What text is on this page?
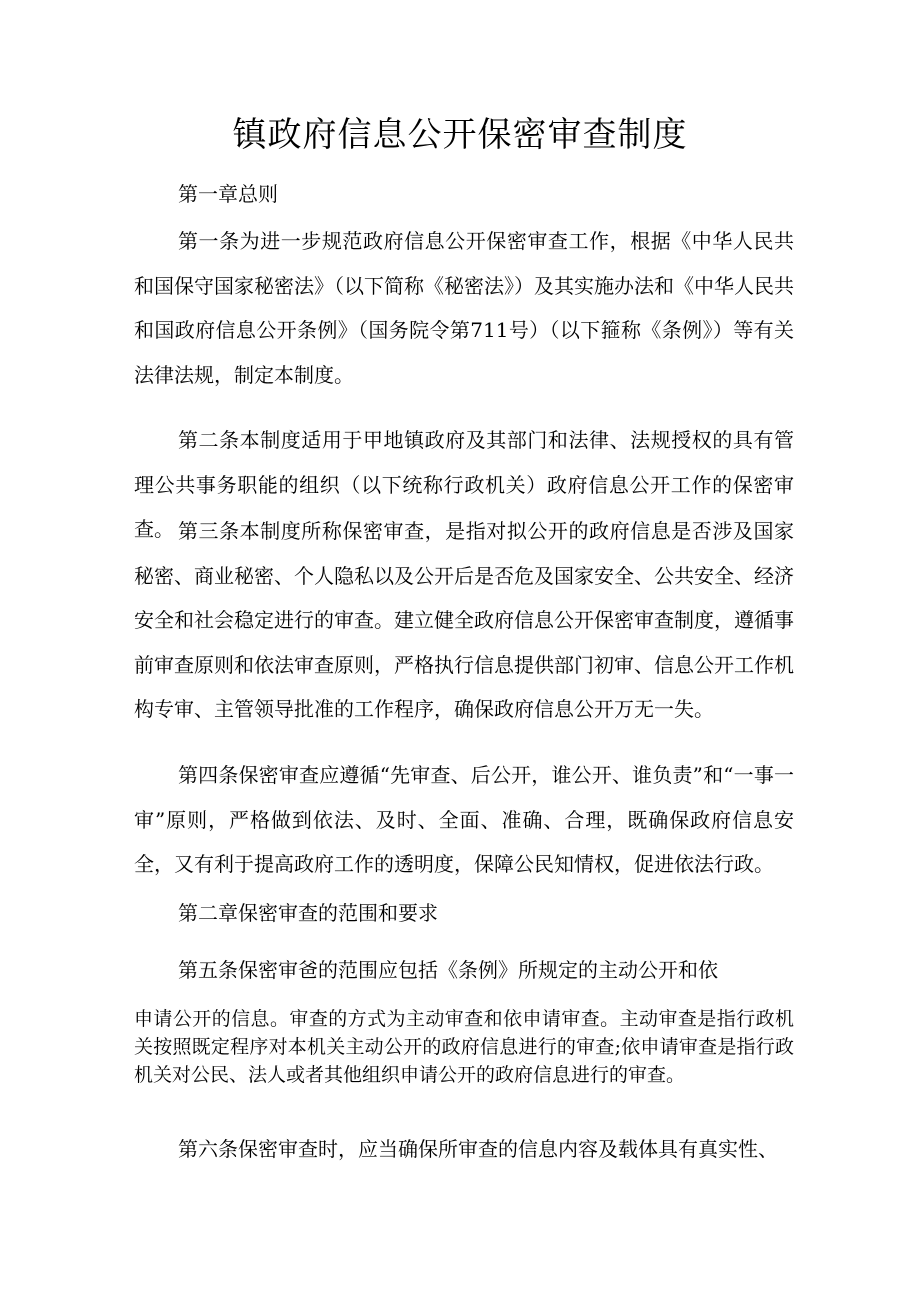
镇政府信息公开保密审查制度

第一章总则

第一条为进一步规范政府信息公开保密审查工作，根据《中华人民共和国保守国家秘密法》（以下简称《秘密法》）及其实施办法和《中华人民共和国政府信息公开条例》（国务院令第711号）（以下箍称《条例》）等有关法律法规，制定本制度。

第二条本制度适用于甲地镇政府及其部门和法律、法规授权的具有管理公共事务职能的组织（以下统称行政机关）政府信息公开工作的保密审查。 第三条本制度所称保密审查，是指对拟公开的政府信息是否涉及国家秘密、商业秘密、个人隐私以及公开后是否危及国家安全、公共安全、经济安全和社会稳定进行的审查。建立健全政府信息公开保密审查制度，遵循事前审查原则和依法审查原则，严格执行信息提供部门初审、信息公开工作机构专审、主管领导批准的工作程序，确保政府信息公开万无一失。

第四条保密审查应遵循“先审查、后公开，谁公开、谁负责”和“一事一审”原则，严格做到依法、及时、全面、准确、合理，既确保政府信息安全，又有利于提高政府工作的透明度，保障公民知情权，促进依法行政。

第二章保密审查的范围和要求

第五条保密审爸的范围应包括《条例》所规定的主动公开和依

申请公开的信息。审查的方式为主动审查和依申请审查。主动审查是指行政机关按照既定程序对本机关主动公开的政府信息进行的审查;依申请审查是指行政机关对公民、法人或者其他组织申请公开的政府信息进行的审查。

第六条保密审查时，应当确保所审查的信息内容及载体具有真实性、
